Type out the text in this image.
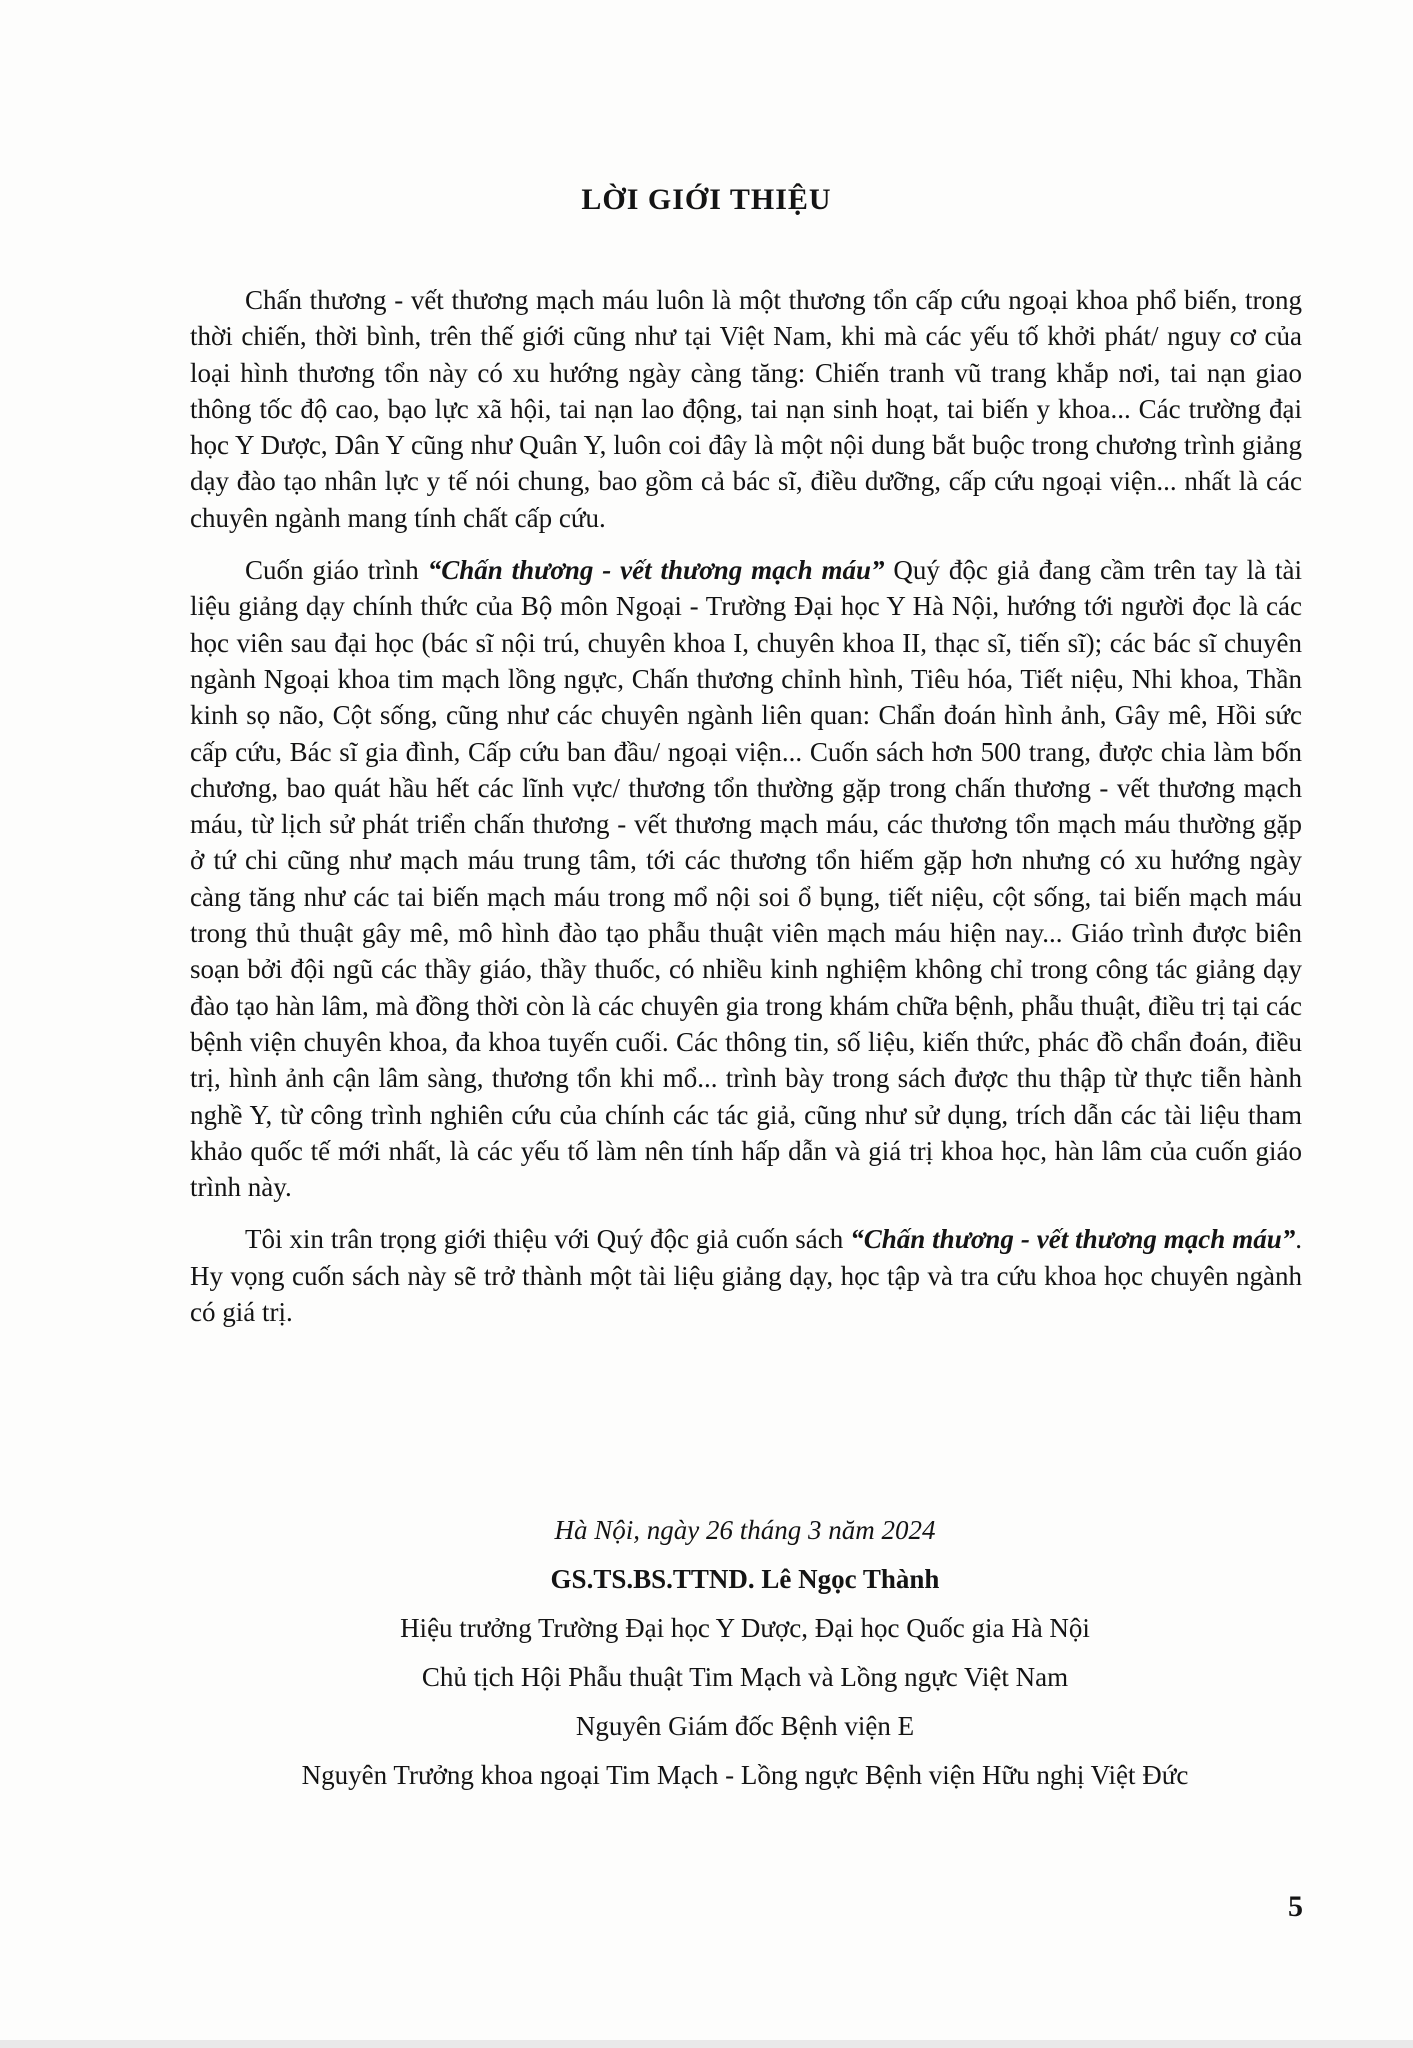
LỜI GIỚI THIỆU

Chấn thương - vết thương mạch máu luôn là một thương tổn cấp cứu ngoại khoa phổ biến, trong thời chiến, thời bình, trên thế giới cũng như tại Việt Nam, khi mà các yếu tố khởi phát/ nguy cơ của loại hình thương tổn này có xu hướng ngày càng tăng: Chiến tranh vũ trang khắp nơi, tai nạn giao thông tốc độ cao, bạo lực xã hội, tai nạn lao động, tai nạn sinh hoạt, tai biến y khoa... Các trường đại học Y Dược, Dân Y cũng như Quân Y, luôn coi đây là một nội dung bắt buộc trong chương trình giảng dạy đào tạo nhân lực y tế nói chung, bao gồm cả bác sĩ, điều dưỡng, cấp cứu ngoại viện... nhất là các chuyên ngành mang tính chất cấp cứu.

Cuốn giáo trình “Chấn thương - vết thương mạch máu” Quý độc giả đang cầm trên tay là tài liệu giảng dạy chính thức của Bộ môn Ngoại - Trường Đại học Y Hà Nội, hướng tới người đọc là các học viên sau đại học (bác sĩ nội trú, chuyên khoa I, chuyên khoa II, thạc sĩ, tiến sĩ); các bác sĩ chuyên ngành Ngoại khoa tim mạch lồng ngực, Chấn thương chỉnh hình, Tiêu hóa, Tiết niệu, Nhi khoa, Thần kinh sọ não, Cột sống, cũng như các chuyên ngành liên quan: Chẩn đoán hình ảnh, Gây mê, Hồi sức cấp cứu, Bác sĩ gia đình, Cấp cứu ban đầu/ ngoại viện... Cuốn sách hơn 500 trang, được chia làm bốn chương, bao quát hầu hết các lĩnh vực/ thương tổn thường gặp trong chấn thương - vết thương mạch máu, từ lịch sử phát triển chấn thương - vết thương mạch máu, các thương tổn mạch máu thường gặp ở tứ chi cũng như mạch máu trung tâm, tới các thương tổn hiếm gặp hơn nhưng có xu hướng ngày càng tăng như các tai biến mạch máu trong mổ nội soi ổ bụng, tiết niệu, cột sống, tai biến mạch máu trong thủ thuật gây mê, mô hình đào tạo phẫu thuật viên mạch máu hiện nay... Giáo trình được biên soạn bởi đội ngũ các thầy giáo, thầy thuốc, có nhiều kinh nghiệm không chỉ trong công tác giảng dạy đào tạo hàn lâm, mà đồng thời còn là các chuyên gia trong khám chữa bệnh, phẫu thuật, điều trị tại các bệnh viện chuyên khoa, đa khoa tuyến cuối. Các thông tin, số liệu, kiến thức, phác đồ chẩn đoán, điều trị, hình ảnh cận lâm sàng, thương tổn khi mổ... trình bày trong sách được thu thập từ thực tiễn hành nghề Y, từ công trình nghiên cứu của chính các tác giả, cũng như sử dụng, trích dẫn các tài liệu tham khảo quốc tế mới nhất, là các yếu tố làm nên tính hấp dẫn và giá trị khoa học, hàn lâm của cuốn giáo trình này.

Tôi xin trân trọng giới thiệu với Quý độc giả cuốn sách “Chấn thương - vết thương mạch máu”. Hy vọng cuốn sách này sẽ trở thành một tài liệu giảng dạy, học tập và tra cứu khoa học chuyên ngành có giá trị.

Hà Nội, ngày 26 tháng 3 năm 2024
GS.TS.BS.TTND. Lê Ngọc Thành
Hiệu trưởng Trường Đại học Y Dược, Đại học Quốc gia Hà Nội
Chủ tịch Hội Phẫu thuật Tim Mạch và Lồng ngực Việt Nam
Nguyên Giám đốc Bệnh viện E
Nguyên Trưởng khoa ngoại Tim Mạch - Lồng ngực Bệnh viện Hữu nghị Việt Đức
5
